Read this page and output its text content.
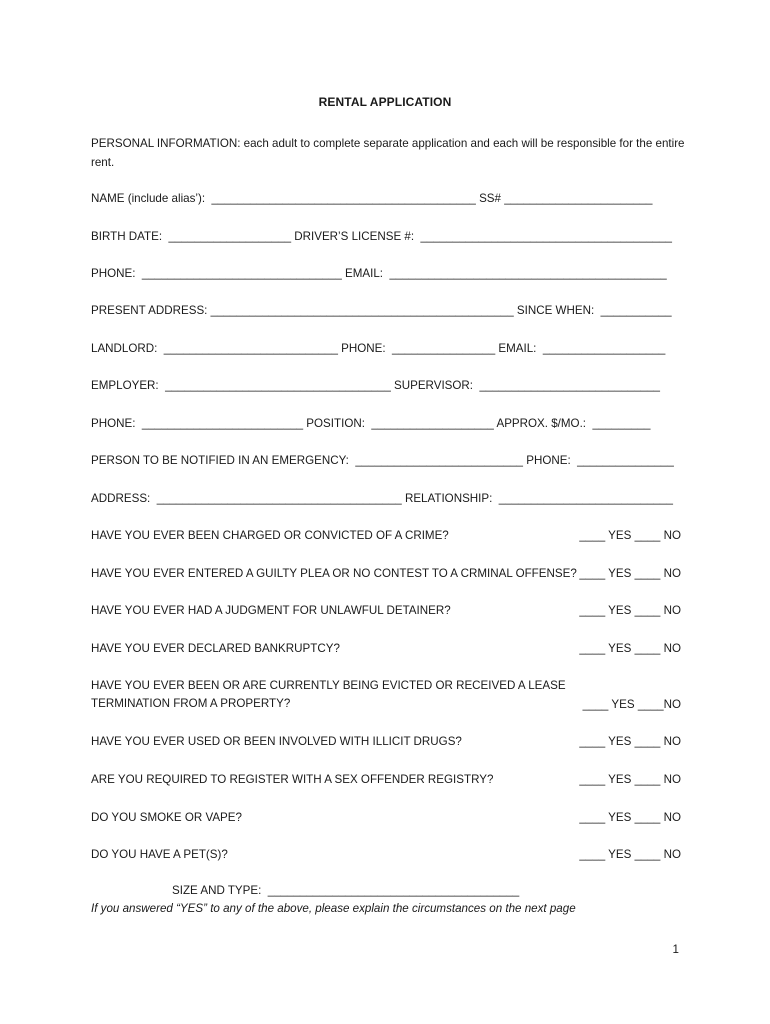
RENTAL APPLICATION

PERSONAL INFORMATION: each adult to complete separate application and each will be responsible for the entire rent.

NAME (include alias’):  _________________________________________ SS# _______________________
BIRTH DATE:  ___________________ DRIVER’S LICENSE #:  _______________________________________
PHONE:  _______________________________ EMAIL:  ___________________________________________
PRESENT ADDRESS: _______________________________________________ SINCE WHEN:  ___________
LANDLORD:  ___________________________ PHONE:  ________________ EMAIL:  ___________________
EMPLOYER:  ___________________________________ SUPERVISOR:  ____________________________
PHONE:  _________________________ POSITION:  ___________________ APPROX. $/MO.:  _________
PERSON TO BE NOTIFIED IN AN EMERGENCY:  __________________________ PHONE:  _______________
ADDRESS:  ______________________________________ RELATIONSHIP:  ___________________________
HAVE YOU EVER BEEN CHARGED OR CONVICTED OF A CRIME?	____ YES ____ NO
HAVE YOU EVER ENTERED A GUILTY PLEA OR NO CONTEST TO A CRMINAL OFFENSE? ____ YES ____ NO
HAVE YOU EVER HAD A JUDGMENT FOR UNLAWFUL DETAINER?	____ YES ____ NO
HAVE YOU EVER DECLARED BANKRUPTCY?	____ YES ____ NO
HAVE YOU EVER BEEN OR ARE CURRENTLY BEING EVICTED OR RECEIVED A LEASE
TERMINATION FROM A PROPERTY?	____ YES ____NO
HAVE YOU EVER USED OR BEEN INVOLVED WITH ILLICIT DRUGS?	____ YES ____ NO
ARE YOU REQUIRED TO REGISTER WITH A SEX OFFENDER REGISTRY?	____ YES ____ NO
DO YOU SMOKE OR VAPE?	____ YES ____ NO
DO YOU HAVE A PET(S)?	____ YES ____ NO
SIZE AND TYPE:  _______________________________________
If you answered “YES” to any of the above, please explain the circumstances on the next page
1
